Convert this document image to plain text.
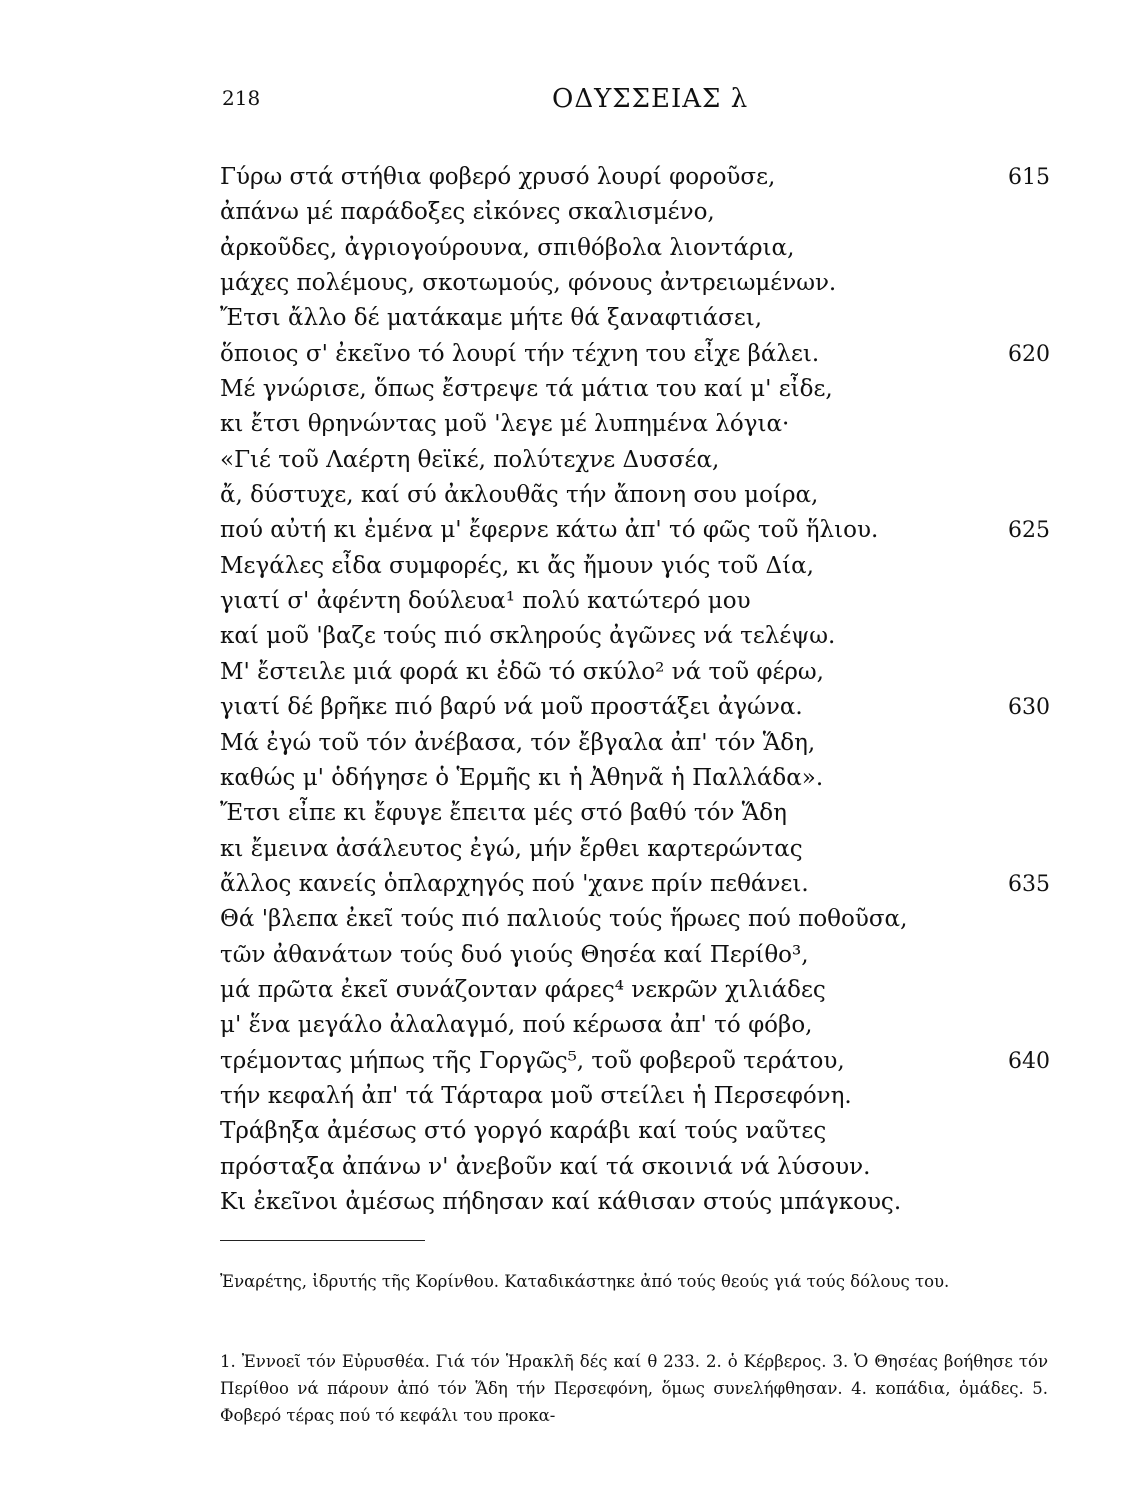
218	ΟΔΥΣΣΕΙΑΣ λ
Γύρω στά στήθια φοβερό χρυσό λουρί φοροῦσε,	615
ἀπάνω μέ παράδοξες εἰκόνες σκαλισμένο,
ἀρκοῦδες, ἀγριογούρουνα, σπιθόβολα λιοντάρια,
μάχες πολέμους, σκοτωμούς, φόνους ἀντρειωμένων.
Ἔτσι ἄλλο δέ ματάκαμε μήτε θά ξαναφτιάσει,
ὅποιος σ' ἐκεῖνο τό λουρί τήν τέχνη του εἶχε βάλει.	620
Μέ γνώρισε, ὅπως ἔστρεψε τά μάτια του καί μ' εἶδε,
κι ἔτσι θρηνώντας μοῦ 'λεγε μέ λυπημένα λόγια·
«Γιέ τοῦ Λαέρτη θεϊκέ, πολύτεχνε Δυσσέα,
ἄ, δύστυχε, καί σύ ἀκλουθᾶς τήν ἄπονη σου μοίρα,
πού αὐτή κι ἐμένα μ' ἔφερνε κάτω ἀπ' τό φῶς τοῦ ἥλιου.	625
Μεγάλες εἶδα συμφορές, κι ἄς ἤμουν γιός τοῦ Δία,
γιατί σ' ἀφέντη δούλευα¹ πολύ κατώτερό μου
καί μοῦ 'βαζε τούς πιό σκληρούς ἀγῶνες νά τελέψω.
Μ' ἔστειλε μιά φορά κι ἐδῶ τό σκύλο² νά τοῦ φέρω,
γιατί δέ βρῆκε πιό βαρύ νά μοῦ προστάξει ἀγώνα.	630
Μά ἐγώ τοῦ τόν ἀνέβασα, τόν ἔβγαλα ἀπ' τόν Ἅδη,
καθώς μ' ὁδήγησε ὁ Ἑρμῆς κι ἡ Ἀθηνᾶ ἡ Παλλάδα».
Ἔτσι εἶπε κι ἔφυγε ἔπειτα μές στό βαθύ τόν Ἅδη
κι ἔμεινα ἀσάλευτος ἐγώ, μήν ἔρθει καρτερώντας
ἄλλος κανείς ὁπλαρχηγός πού 'χανε πρίν πεθάνει.	635
Θά 'βλεπα ἐκεῖ τούς πιό παλιούς τούς ἥρωες πού ποθοῦσα,
τῶν ἀθανάτων τούς δυό γιούς Θησέα καί Περίθο³,
μά πρῶτα ἐκεῖ συνάζονταν φάρες⁴ νεκρῶν χιλιάδες
μ' ἕνα μεγάλο ἀλαλαγμό, πού κέρωσα ἀπ' τό φόβο,
τρέμοντας μήπως τῆς Γοργῶς⁵, τοῦ φοβεροῦ τεράτου,	640
τήν κεφαλή ἀπ' τά Τάρταρα μοῦ στείλει ἡ Περσεφόνη.
Τράβηξα ἀμέσως στό γοργό καράβι καί τούς ναῦτες
πρόσταξα ἀπάνω ν' ἀνεβοῦν καί τά σκοινιά νά λύσουν.
Κι ἐκεῖνοι ἀμέσως πήδησαν καί κάθισαν στούς μπάγκους.
Ἐναρέτης, ἱδρυτής τῆς Κορίνθου. Καταδικάστηκε ἀπό τούς θεούς γιά τούς δόλους του.
1. Ἐννοεῖ τόν Εὐρυσθέα. Γιά τόν Ἡρακλῆ δές καί θ 233. 2. ὁ Κέρβερος. 3. Ὁ Θησέας βοήθησε τόν Περίθοο νά πάρουν ἀπό τόν Ἅδη τήν Περσεφόνη, ὅμως συνελήφθησαν. 4. κοπάδια, ὁμάδες. 5. Φοβερό τέρας πού τό κεφάλι του προκα-
